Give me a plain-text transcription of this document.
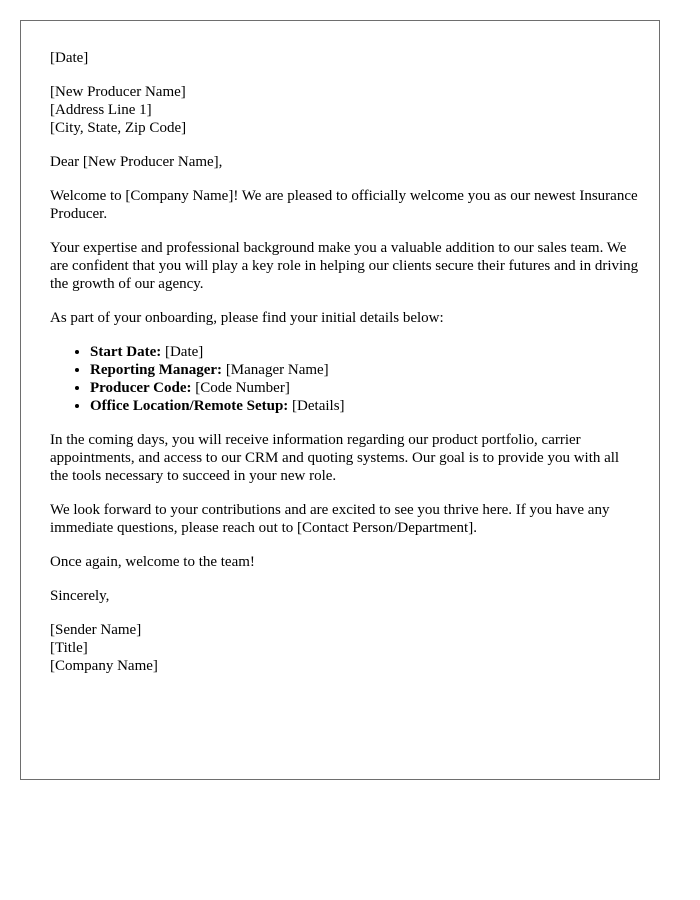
[Date]

[New Producer Name]
[Address Line 1]
[City, State, Zip Code]

Dear [New Producer Name],

Welcome to [Company Name]! We are pleased to officially welcome you as our newest Insurance Producer.

Your expertise and professional background make you a valuable addition to our sales team. We are confident that you will play a key role in helping our clients secure their futures and in driving the growth of our agency.

As part of your onboarding, please find your initial details below:

• Start Date: [Date]
• Reporting Manager: [Manager Name]
• Producer Code: [Code Number]
• Office Location/Remote Setup: [Details]

In the coming days, you will receive information regarding our product portfolio, carrier appointments, and access to our CRM and quoting systems. Our goal is to provide you with all the tools necessary to succeed in your new role.

We look forward to your contributions and are excited to see you thrive here. If you have any immediate questions, please reach out to [Contact Person/Department].

Once again, welcome to the team!

Sincerely,

[Sender Name]
[Title]
[Company Name]
